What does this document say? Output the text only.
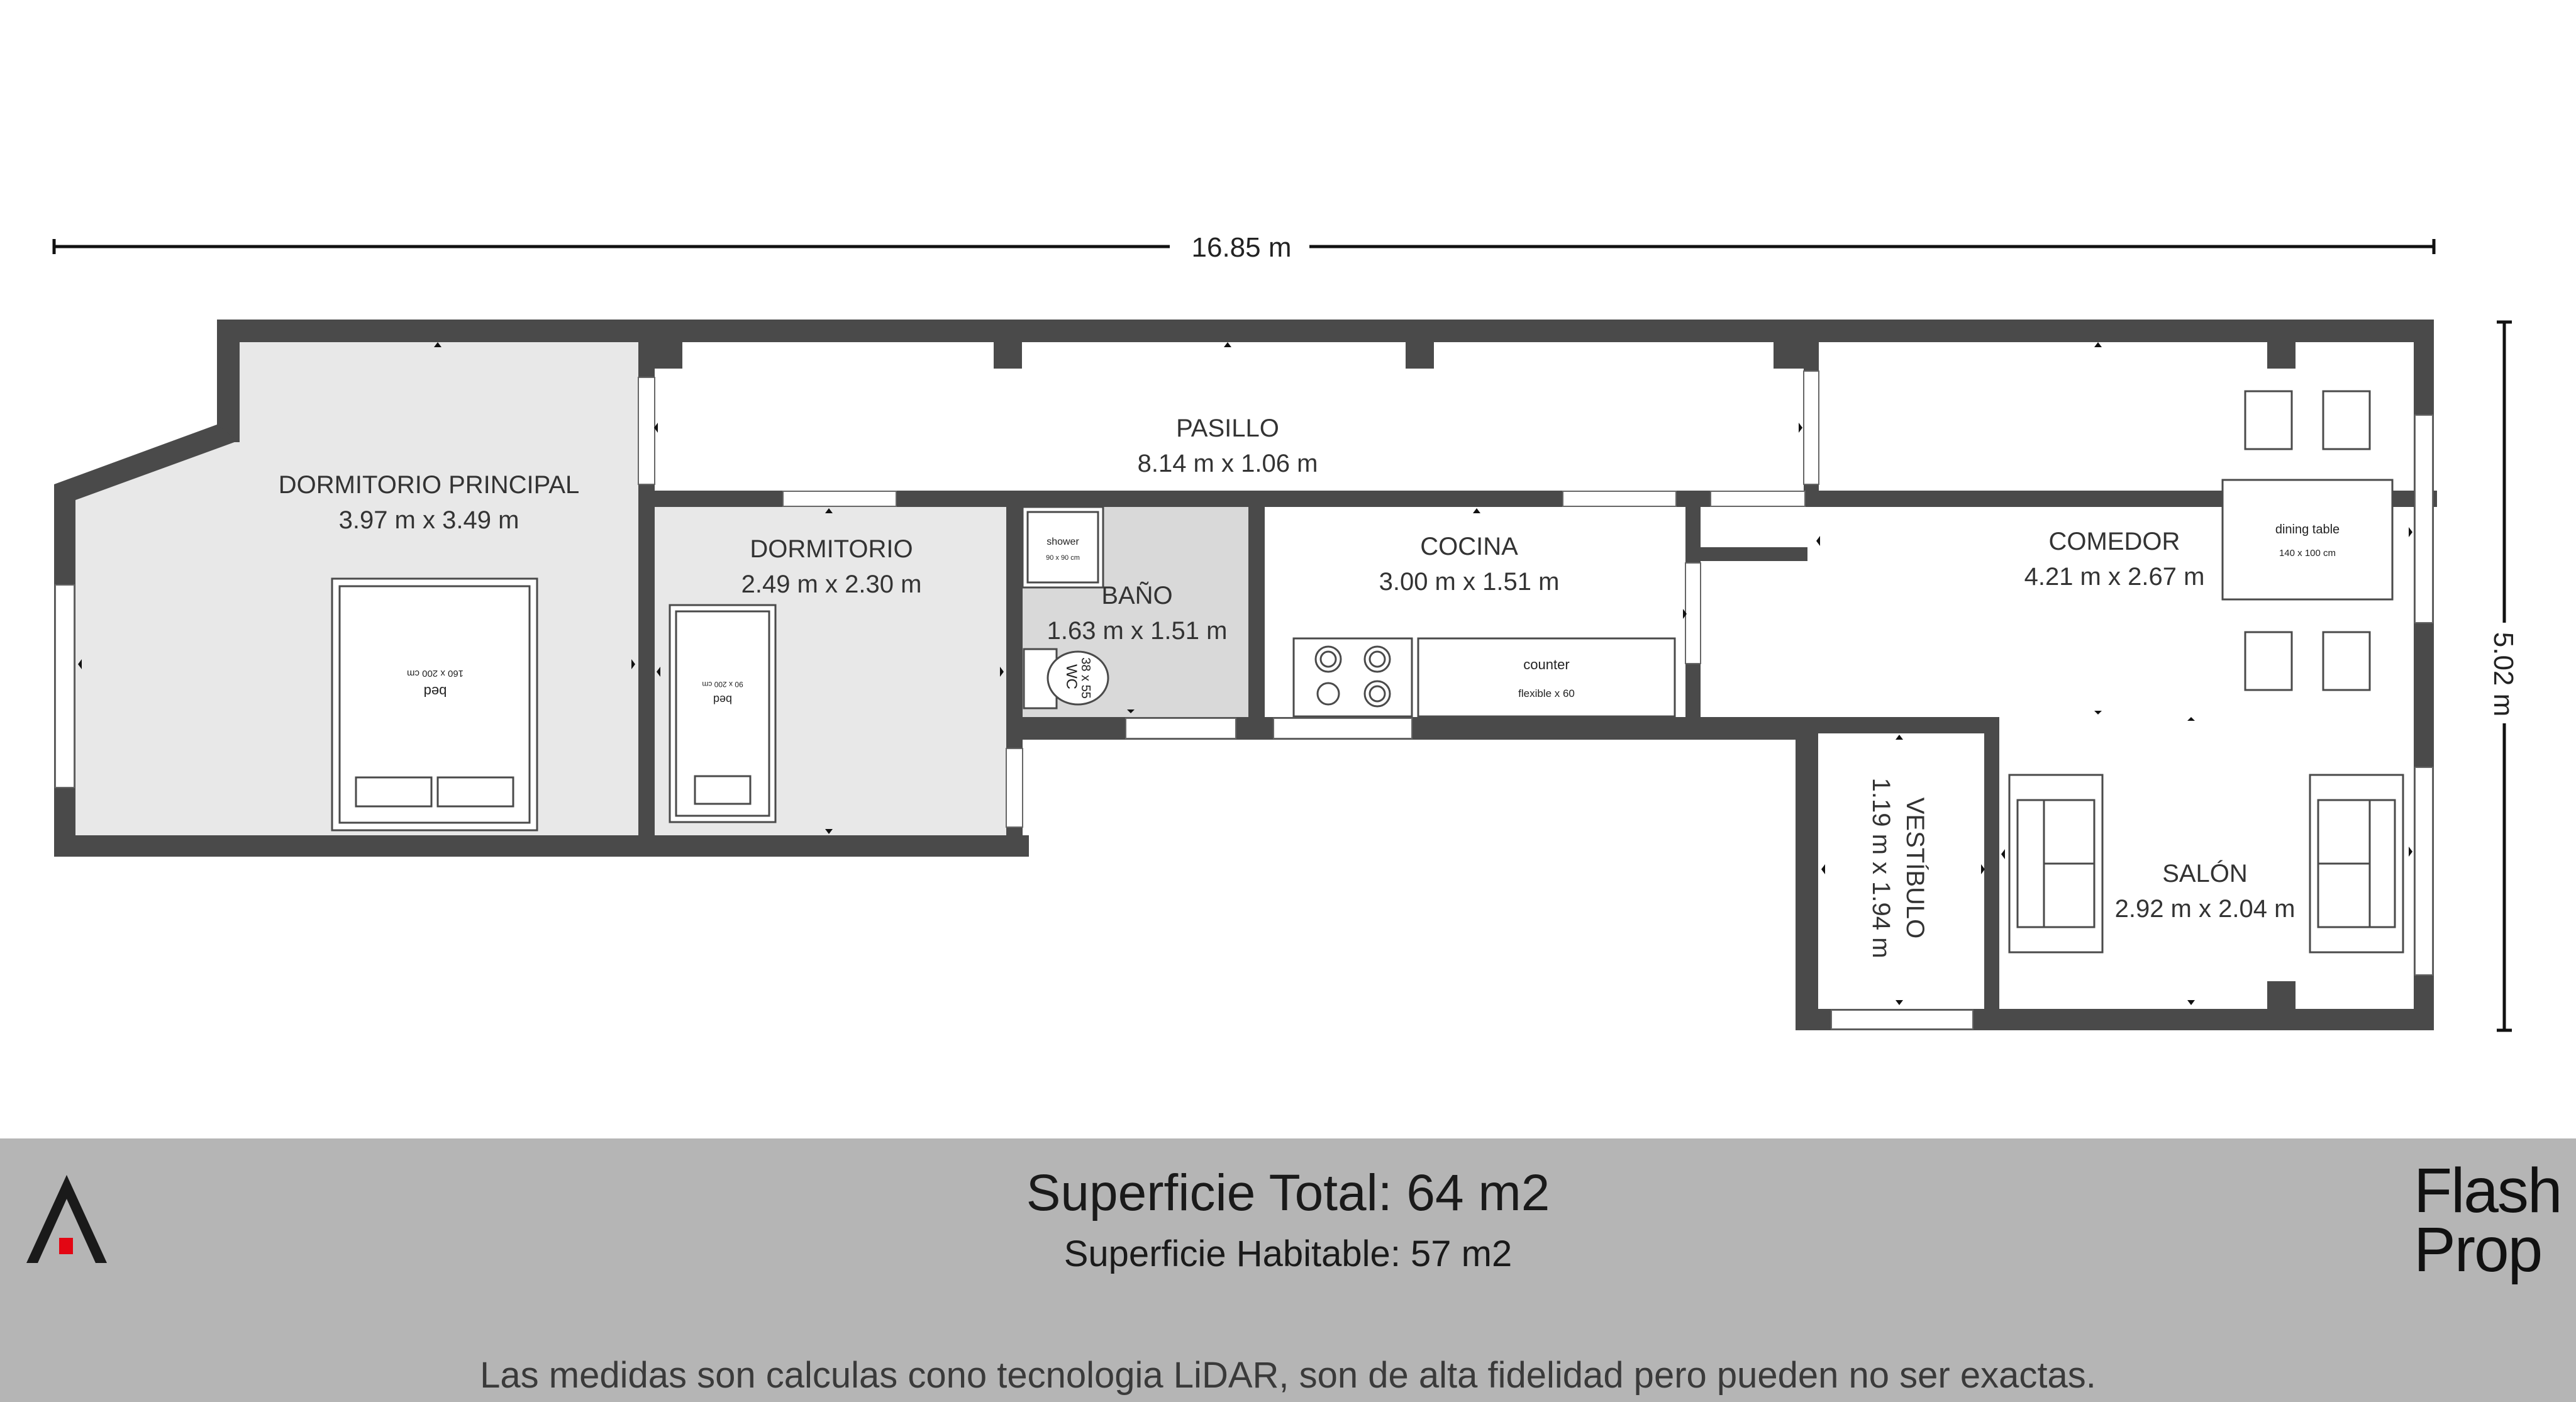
16.85 m
5.02 m
bed
160 x 200 cm
bed
90 x 200 cm
shower
90 x 90 cm
WC
38 x 55	counter
flexible x 60
dining table
140 x 100 cm
DORMITORIO PRINCIPAL
3.97 m x 3.49 m
PASILLO
8.14 m x 1.06 m
DORMITORIO
2.49 m x 2.30 m	BAÑO
1.63 m x 1.51 m
COCINA
3.00 m x 1.51 m
COMEDOR
4.21 m x 2.67 m
VESTÍBULO
1.19 m x 1.94 m	SALÓN
2.92 m x 2.04 m
Superficie Total: 64 m2
Superficie Habitable: 57 m2
Las medidas son calculas cono tecnologia LiDAR, son de alta fidelidad pero pueden no ser exactas.
Flash
Prop
